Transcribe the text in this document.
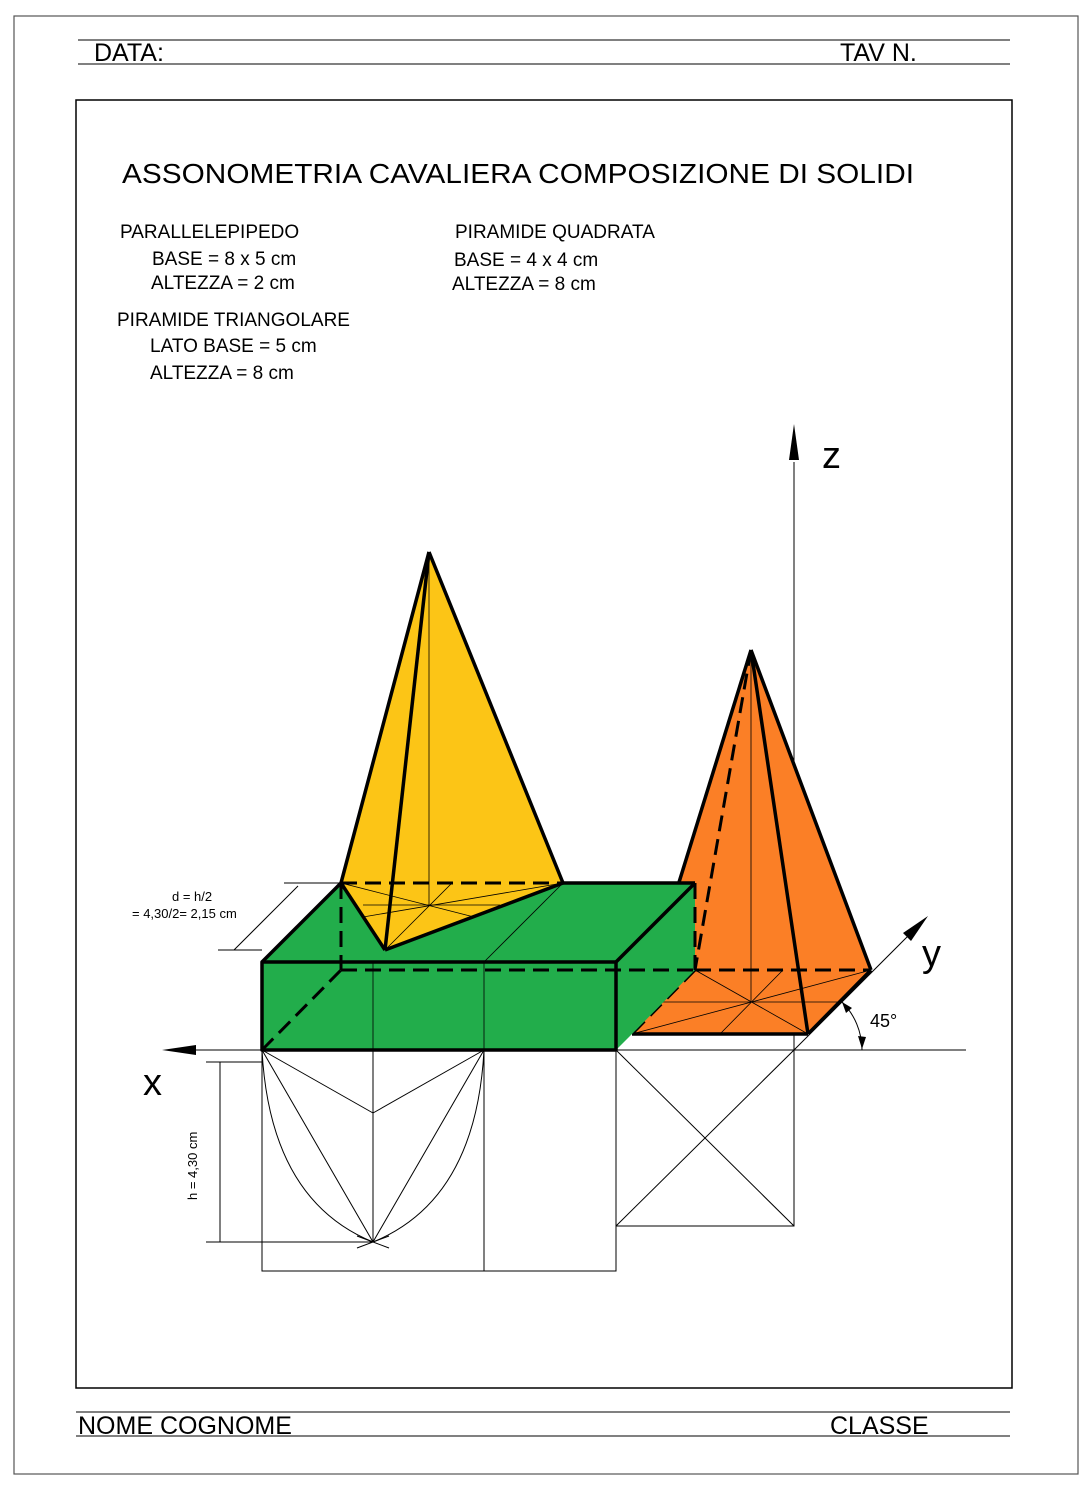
DATA:	TAV N.
ASSONOMETRIA CAVALIERA COMPOSIZIONE DI SOLIDI
PARALLELEPIPEDO
BASE = 8 x 5 cm
ALTEZZA = 2 cm
PIRAMIDE QUADRATA
BASE = 4 x 4 cm
ALTEZZA = 8 cm
PIRAMIDE TRIANGOLARE
LATO BASE = 5 cm
ALTEZZA = 8 cm
h = 4,30 cm
z
y
x
45°
d = h/2
= 4,30/2= 2,15 cm
NOME COGNOME	CLASSE
